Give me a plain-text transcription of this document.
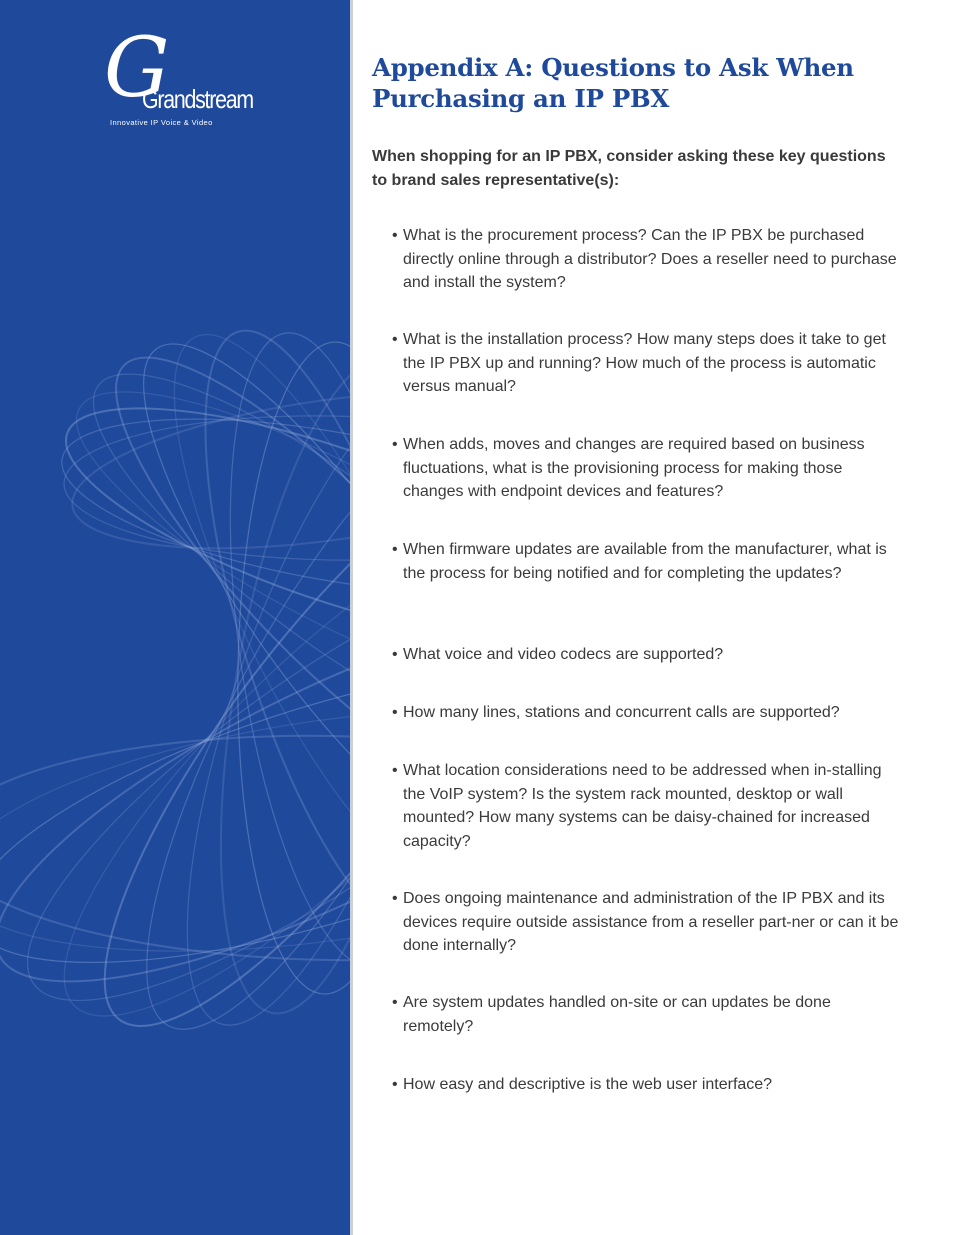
G
Grandstream
Innovative IP Voice & Video
Appendix A: Questions to Ask When Purchasing an IP PBX

When shopping for an IP PBX, consider asking these key questions to brand sales representative(s):

• What is the procurement process? Can the IP PBX be purchased directly online through a distributor? Does a reseller need to purchase and install the system?
• What is the installation process? How many steps does it take to get the IP PBX up and running? How much of the process is automatic versus manual?
• When adds, moves and changes are required based on business fluctuations, what is the provisioning process for making those changes with endpoint devices and features?
• When firmware updates are available from the manufacturer, what is the process for being notified and for completing the updates?
• What voice and video codecs are supported?
• How many lines, stations and concurrent calls are supported?
• What location considerations need to be addressed when in-stalling the VoIP system? Is the system rack mounted, desktop or wall mounted? How many systems can be daisy-chained for increased capacity?
• Does ongoing maintenance and administration of the IP PBX and its devices require outside assistance from a reseller part-ner or can it be done internally?
• Are system updates handled on-site or can updates be done remotely?
• How easy and descriptive is the web user interface?
